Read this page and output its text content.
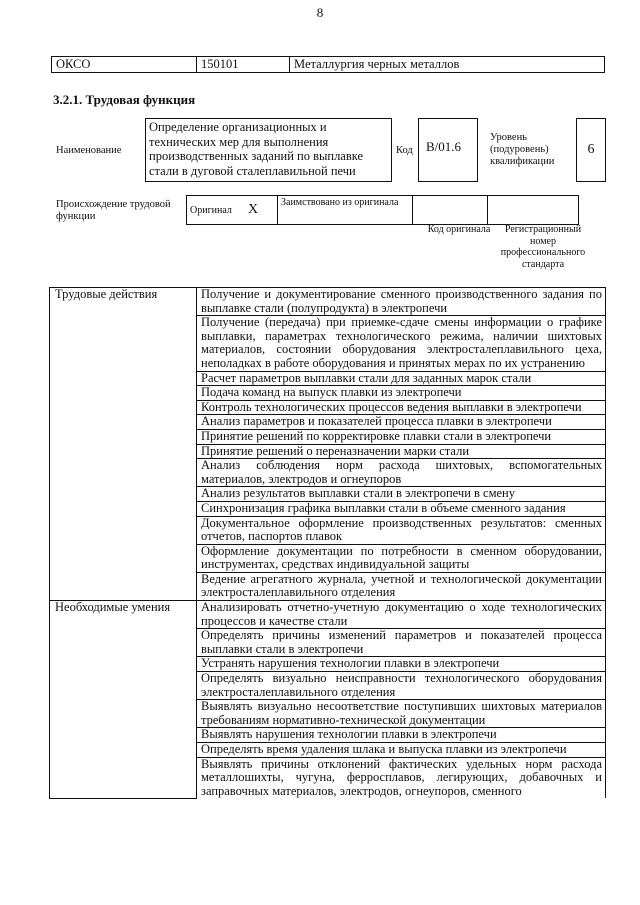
8
ОКСО	150101	Металлургия черных металлов
3.2.1. Трудовая функция
Наименование
Определение организационных и технических мер для выполнения производственных заданий по выплавке стали в дуговой сталеплавильной печи
Код	B/01.6
Уровень (подуровень) квалификации
6
Происхождение трудовой функции
Оригинал	X	Заимствовано из оригинала		
Код оригинала	Регистрационный номер профессионального стандарта
Трудовые действия	Получение и документирование сменного производственного задания по выплавке стали (полупродукта) в электропечи
	Получение (передача) при приемке-сдаче смены информации о графике выплавки, параметрах технологического режима, наличии шихтовых материалов, состоянии оборудования электросталеплавильного цеха, неполадках в работе оборудования и принятых мерах по их устранению
	Расчет параметров выплавки стали для заданных марок стали
	Подача команд на выпуск плавки из электропечи
	Контроль технологических процессов ведения выплавки в электропечи
	Анализ параметров и показателей процесса плавки в электропечи
	Принятие решений по корректировке плавки стали в электропечи
	Принятие решений о переназначении марки стали
	Анализ соблюдения норм расхода шихтовых, вспомогательных материалов, электродов и огнеупоров
	Анализ результатов выплавки стали в электропечи в смену
	Синхронизация графика выплавки стали в объеме сменного задания
	Документальное оформление производственных результатов: сменных отчетов, паспортов плавок
	Оформление документации по потребности в сменном оборудовании, инструментах, средствах индивидуальной защиты
	Ведение агрегатного журнала, учетной и технологической документации электросталеплавильного отделения
Необходимые умения	Анализировать отчетно-учетную документацию о ходе технологических процессов и качестве стали
	Определять причины изменений параметров и показателей процесса выплавки стали в электропечи
	Устранять нарушения технологии плавки в электропечи
	Определять визуально неисправности технологического оборудования электросталеплавильного отделения
	Выявлять визуально несоответствие поступивших шихтовых материалов требованиям нормативно-технической документации
	Выявлять нарушения технологии плавки в электропечи
	Определять время удаления шлака и выпуска плавки из электропечи
	Выявлять причины отклонений фактических удельных норм расхода металлошихты, чугуна, ферросплавов, легирующих, добавочных и заправочных материалов, электродов, огнеупоров, сменного
